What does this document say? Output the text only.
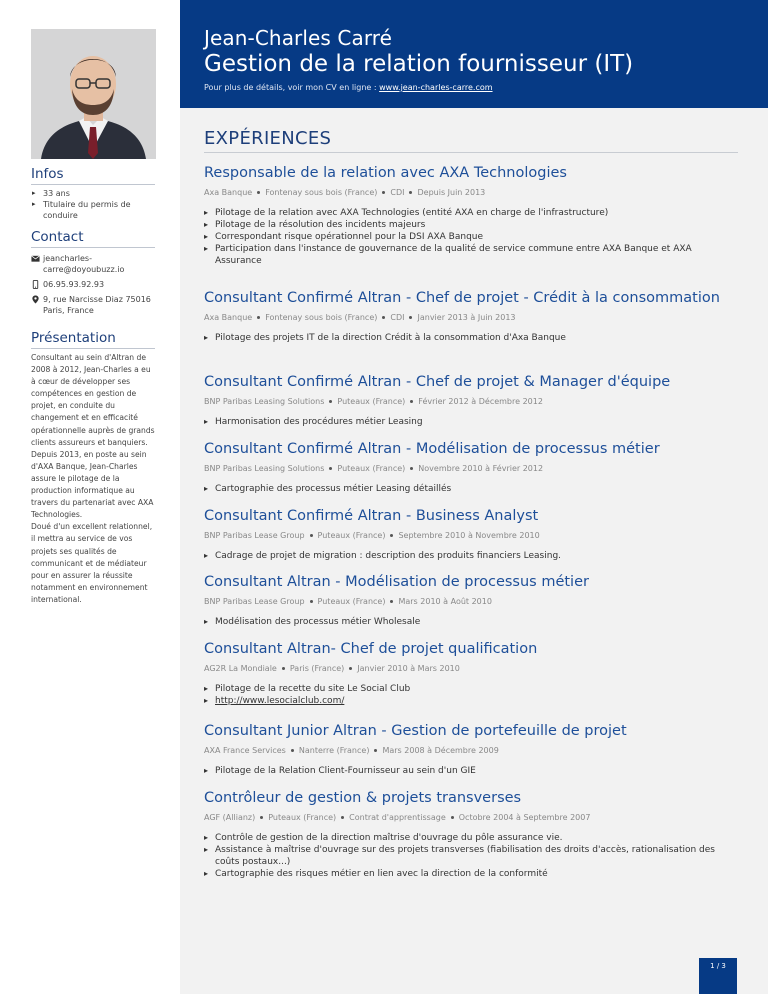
Infos
▸ 33 ans
▸ Titulaire du permis de conduire
Contact
jeancharles-carre@doyoubuzz.io
06.95.93.92.93
9, rue Narcisse Diaz 75016 Paris, France
Présentation
Consultant au sein d'Altran de 2008 à 2012, Jean-Charles a eu à cœur de développer ses compétences en gestion de projet, en conduite du changement et en efficacité opérationnelle auprès de grands clients assureurs et banquiers.
Depuis 2013, en poste au sein d'AXA Banque, Jean-Charles assure le pilotage de la production informatique au travers du partenariat avec AXA Technologies.
Doué d'un excellent relationnel, il mettra au service de vos projets ses qualités de communicant et de médiateur pour en assurer la réussite notamment en environnement international.
Jean-Charles Carré
Gestion de la relation fournisseur (IT)
Pour plus de détails, voir mon CV en ligne : www.jean-charles-carre.com
EXPÉRIENCES
Responsable de la relation avec AXA Technologies
Axa Banque Fontenay sous bois (France) CDI Depuis Juin 2013
▸ Pilotage de la relation avec AXA Technologies (entité AXA en charge de l'infrastructure)
▸ Pilotage de la résolution des incidents majeurs
▸ Correspondant risque opérationnel pour la DSI AXA Banque
▸ Participation dans l'instance de gouvernance de la qualité de service commune entre AXA Banque et AXA Assurance
Consultant Confirmé Altran - Chef de projet - Crédit à la consommation
Axa Banque Fontenay sous bois (France) CDI Janvier 2013 à Juin 2013
▸ Pilotage des projets IT de la direction Crédit à la consommation d'Axa Banque
Consultant Confirmé Altran - Chef de projet & Manager d'équipe
BNP Paribas Leasing Solutions Puteaux (France) Février 2012 à Décembre 2012
▸ Harmonisation des procédures métier Leasing
Consultant Confirmé Altran - Modélisation de processus métier
BNP Paribas Leasing Solutions Puteaux (France) Novembre 2010 à Février 2012
▸ Cartographie des processus métier Leasing détaillés
Consultant Confirmé Altran - Business Analyst
BNP Paribas Lease Group Puteaux (France) Septembre 2010 à Novembre 2010
▸ Cadrage de projet de migration : description des produits financiers Leasing.
Consultant Altran - Modélisation de processus métier
BNP Paribas Lease Group Puteaux (France) Mars 2010 à Août 2010
▸ Modélisation des processus métier Wholesale
Consultant Altran- Chef de projet qualification
AG2R La Mondiale Paris (France) Janvier 2010 à Mars 2010
▸ Pilotage de la recette du site Le Social Club
▸ http://www.lesocialclub.com/
Consultant Junior Altran - Gestion de portefeuille de projet
AXA France Services Nanterre (France) Mars 2008 à Décembre 2009
▸ Pilotage de la Relation Client-Fournisseur au sein d'un GIE
Contrôleur de gestion & projets transverses
AGF (Allianz) Puteaux (France) Contrat d'apprentissage Octobre 2004 à Septembre 2007
▸ Contrôle de gestion de la direction maîtrise d'ouvrage du pôle assurance vie.
▸ Assistance à maîtrise d'ouvrage sur des projets transverses (fiabilisation des droits d'accès, rationalisation des coûts postaux...)
▸ Cartographie des risques métier en lien avec la direction de la conformité
1 / 3
